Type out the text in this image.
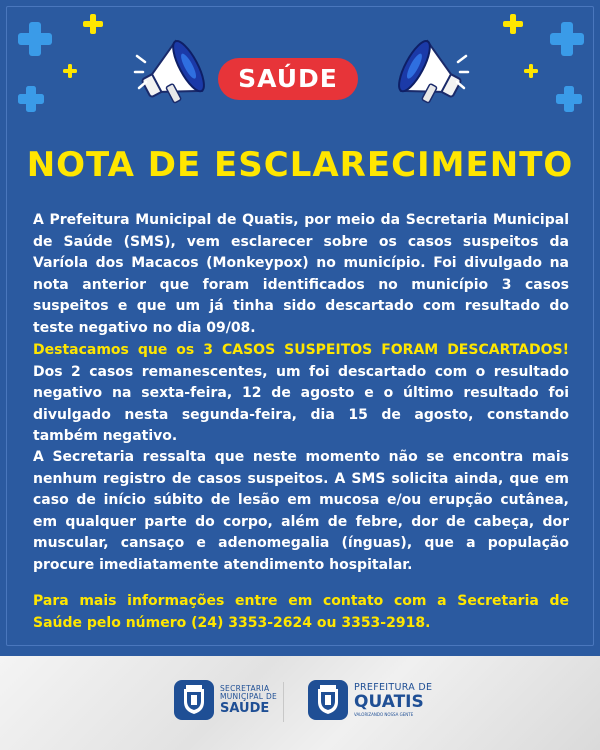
SAÚDE
NOTA DE ESCLARECIMENTO

A Prefeitura Municipal de Quatis, por meio da Secretaria Municipal de Saúde (SMS), vem esclarecer sobre os casos suspeitos da Varíola dos Macacos (Monkeypox) no município. Foi divulgado na nota anterior que foram identificados no município 3 casos suspeitos e que um já tinha sido descartado com resultado do teste negativo no dia 09/08.

Destacamos que os 3 CASOS SUSPEITOS FORAM DESCARTADOS! Dos 2 casos remanescentes, um foi descartado com o resultado negativo na sexta-feira, 12 de agosto e o último resultado foi divulgado nesta segunda-feira, dia 15 de agosto, constando também negativo.

A Secretaria ressalta que neste momento não se encontra mais nenhum registro de casos suspeitos. A SMS solicita ainda, que em caso de início súbito de lesão em mucosa e/ou erupção cutânea, em qualquer parte do corpo, além de febre, dor de cabeça, dor muscular, cansaço e adenomegalia (ínguas), que a população procure imediatamente atendimento hospitalar.

Para mais informações entre em contato com a Secretaria de Saúde pelo número (24) 3353-2624 ou 3353-2918.

SECRETARIA
MUNICIPAL DE
SAÚDE
PREFEITURA DE
QUATIS
VALORIZANDO NOSSA GENTE
